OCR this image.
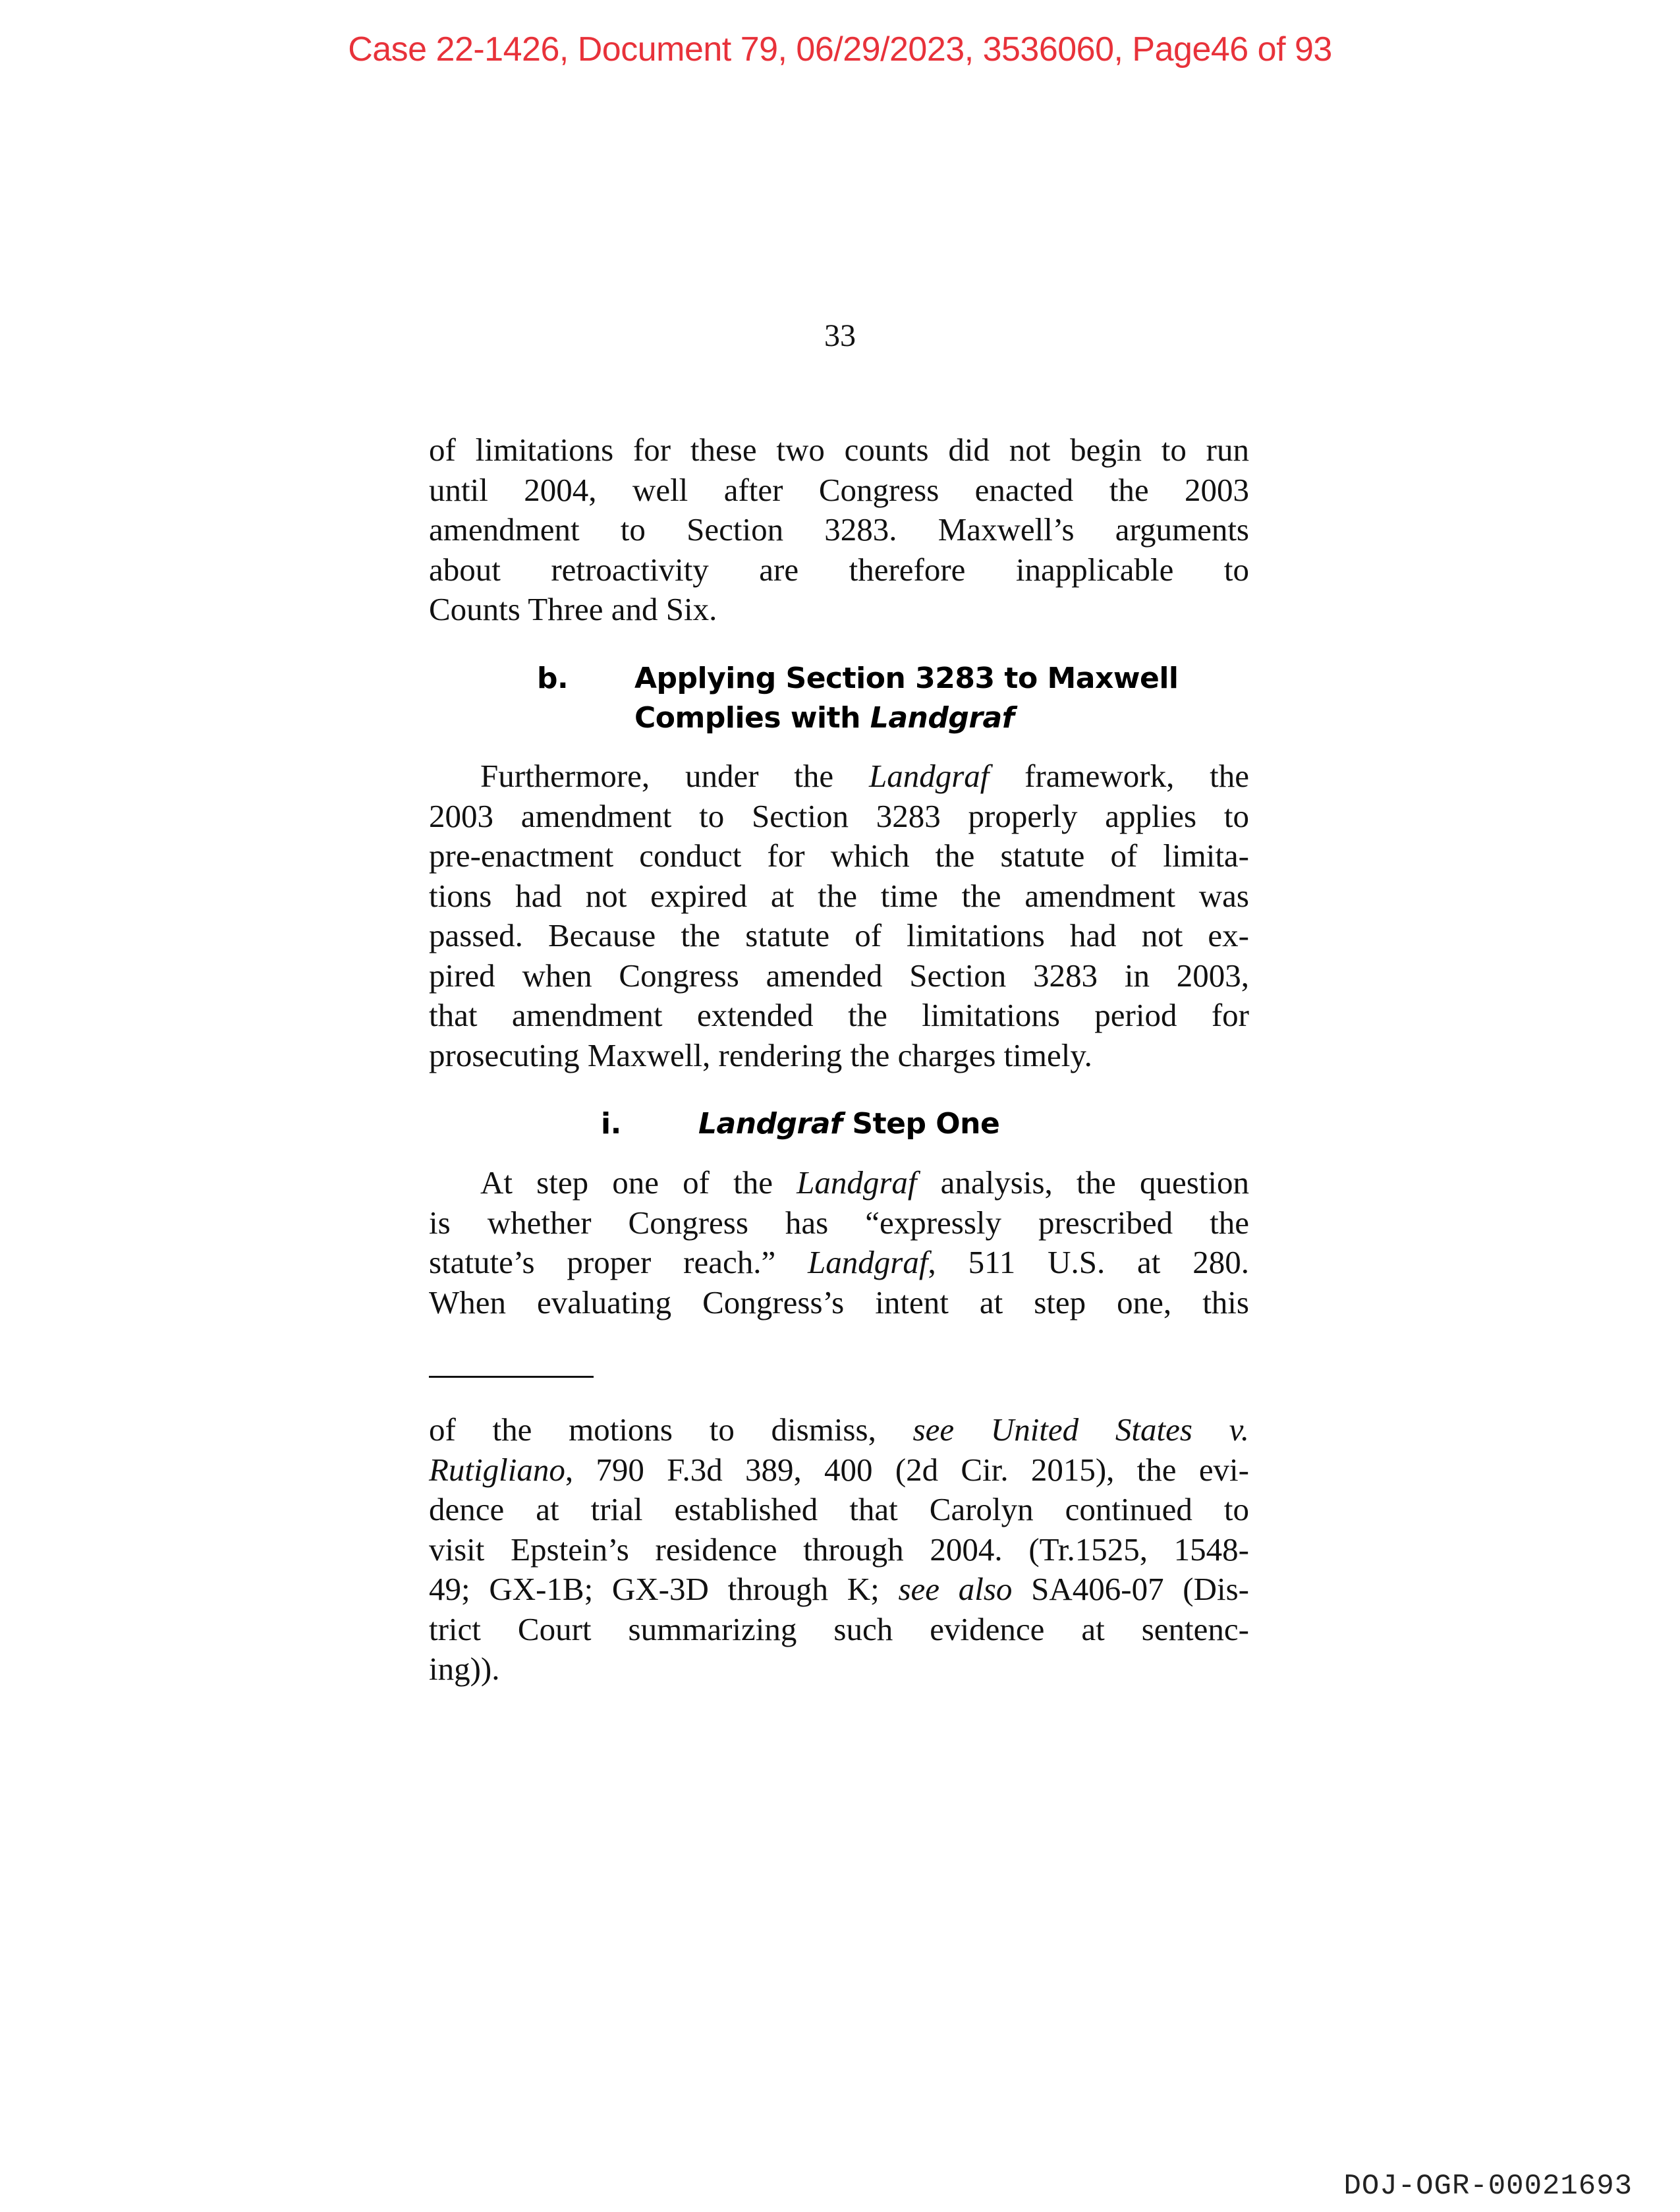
Case 22-1426, Document 79, 06/29/2023, 3536060, Page46 of 93
33
of limitations for these two counts did not begin to run
until 2004, well after Congress enacted the 2003
amendment to Section 3283. Maxwell’s arguments
about retroactivity are therefore inapplicable to
Counts Three and Six.
b. Applying Section 3283 to Maxwell
Complies with Landgraf
Furthermore, under the Landgraf framework, the
2003 amendment to Section 3283 properly applies to
pre-enactment conduct for which the statute of limita-
tions had not expired at the time the amendment was
passed. Because the statute of limitations had not ex-
pired when Congress amended Section 3283 in 2003,
that amendment extended the limitations period for
prosecuting Maxwell, rendering the charges timely.
i.	Landgraf Step One
At step one of the Landgraf analysis, the question
is whether Congress has “expressly prescribed the
statute’s proper reach.” Landgraf, 511 U.S. at 280.
When evaluating Congress’s intent at step one, this
of the motions to dismiss, see United States v.
Rutigliano, 790 F.3d 389, 400 (2d Cir. 2015), the evi-
dence at trial established that Carolyn continued to
visit Epstein’s residence through 2004. (Tr.1525, 1548-
49; GX-1B; GX-3D through K; see also SA406-07 (Dis-
trict Court summarizing such evidence at sentenc-
ing)).
DOJ-OGR-00021693
